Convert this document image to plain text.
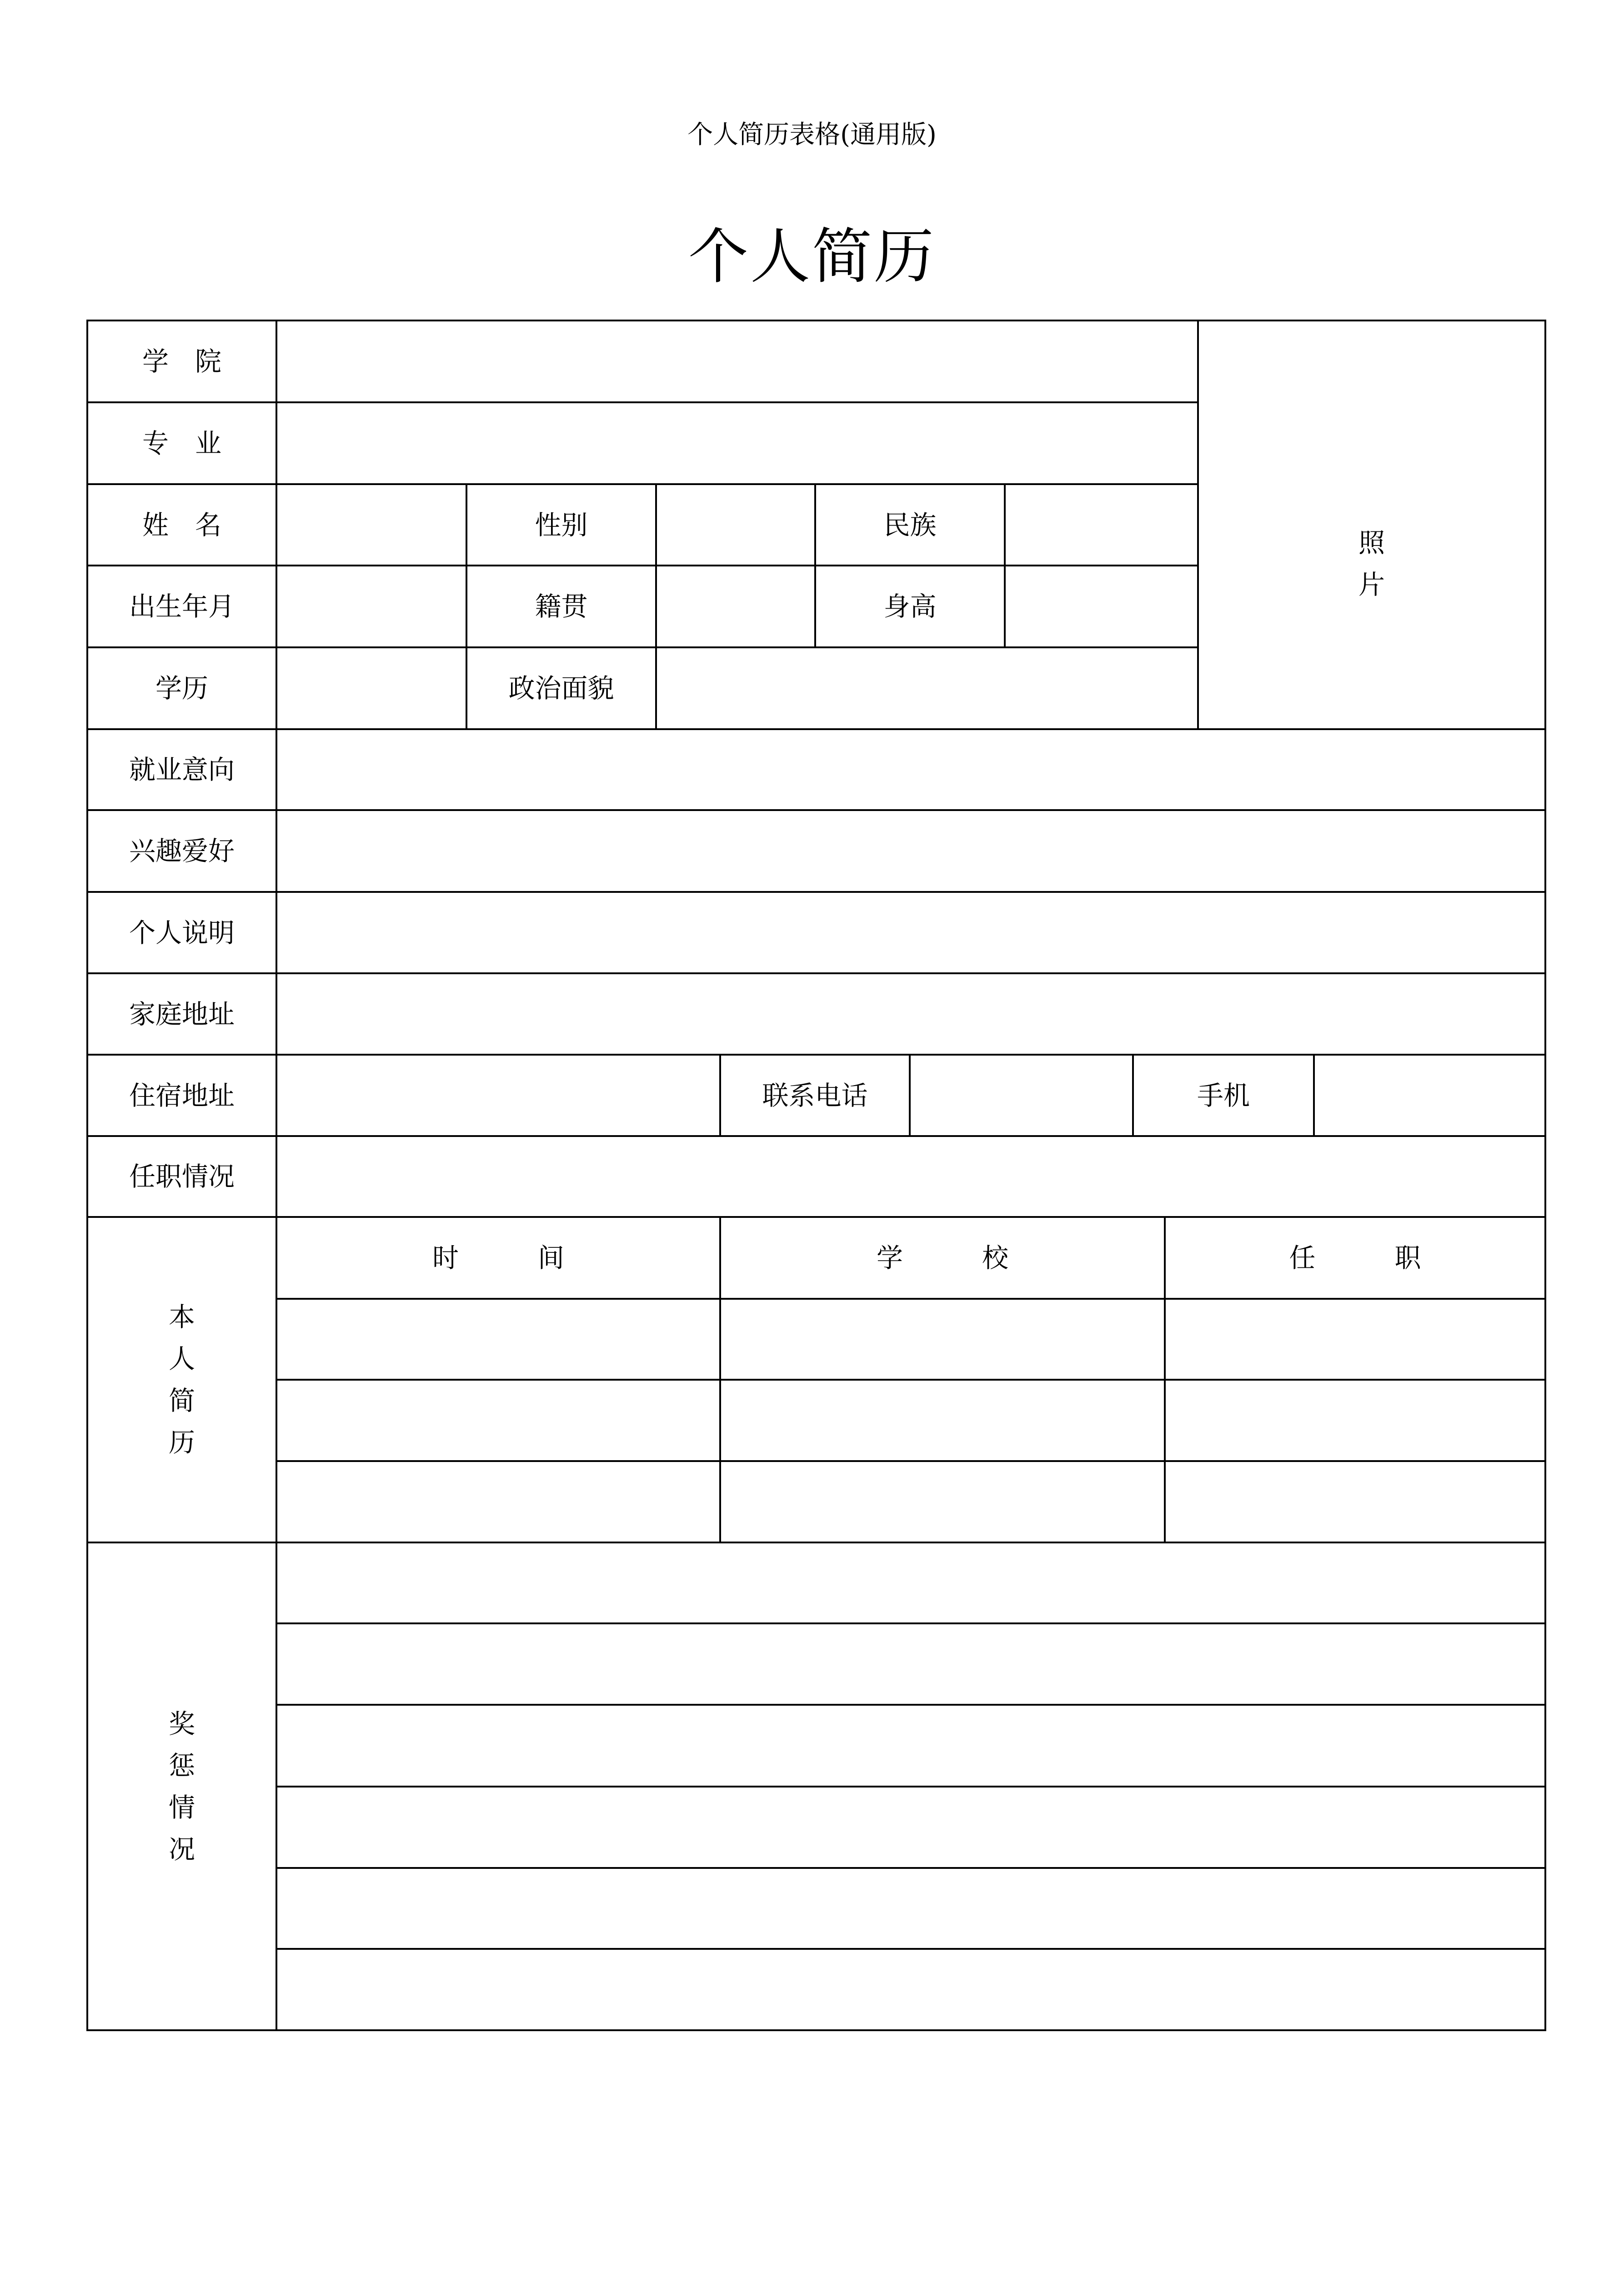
个人简历表格(通用版)
个人简历
学　院
专　业
姓　名	性别	民族
出生年月	籍贯	身高
学历	政治面貌
照
片
就业意向
兴趣爱好
个人说明
家庭地址
住宿地址	联系电话	手机
任职情况
本
人
简
历
时　　　间	学　　　校	任　　　职
奖
惩
情
况
